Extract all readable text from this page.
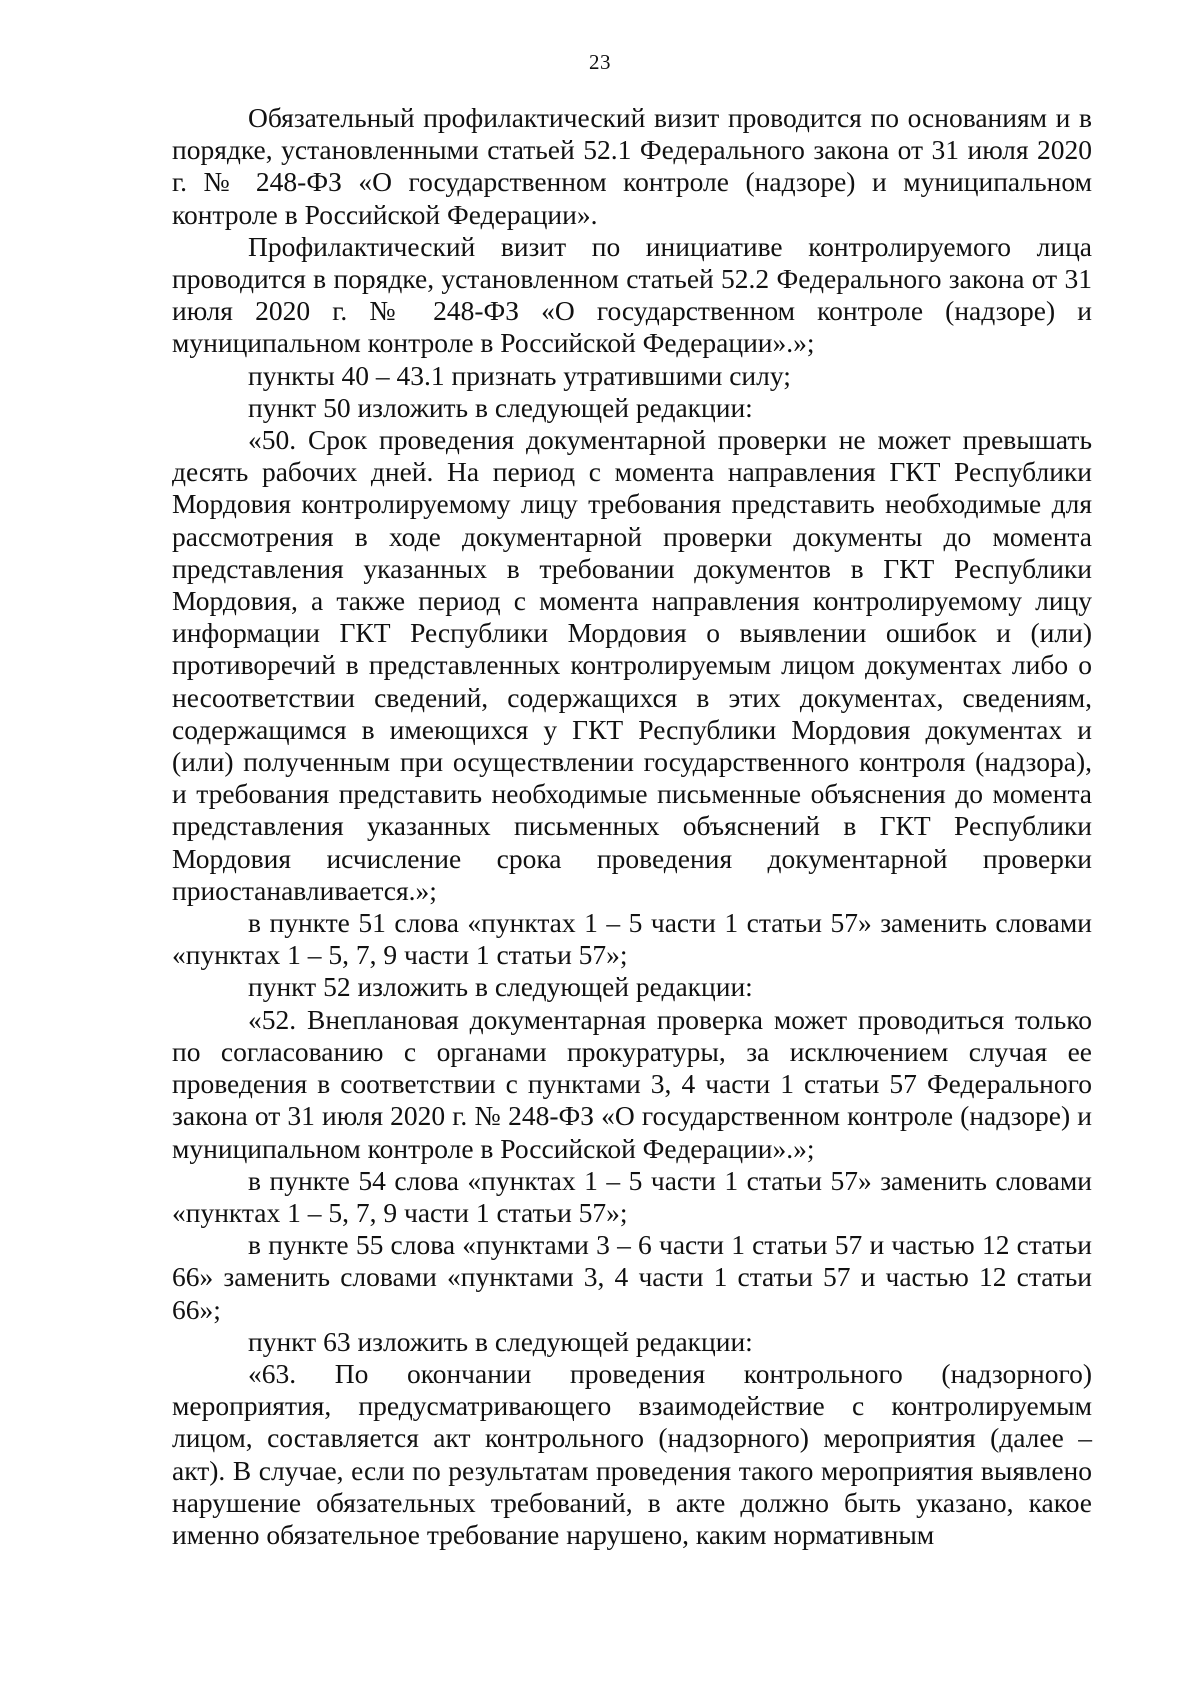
23

Обязательный профилактический визит проводится по основаниям и в порядке, установленными статьей 52.1 Федерального закона от 31 июля 2020 г. № 248-ФЗ «О государственном контроле (надзоре) и муниципальном контроле в Российской Федерации».

Профилактический визит по инициативе контролируемого лица проводится в порядке, установленном статьей 52.2 Федерального закона от 31 июля 2020 г. № 248-ФЗ «О государственном контроле (надзоре) и муниципальном контроле в Российской Федерации».»;

пункты 40 – 43.1 признать утратившими силу;

пункт 50 изложить в следующей редакции:

«50. Срок проведения документарной проверки не может превышать десять рабочих дней. На период с момента направления ГКТ Республики Мордовия контролируемому лицу требования представить необходимые для рассмотрения в ходе документарной проверки документы до момента представления указанных в требовании документов в ГКТ Республики Мордовия, а также период с момента направления контролируемому лицу информации ГКТ Республики Мордовия о выявлении ошибок и (или) противоречий в представленных контролируемым лицом документах либо о несоответствии сведений, содержащихся в этих документах, сведениям, содержащимся в имеющихся у ГКТ Республики Мордовия документах и (или) полученным при осуществлении государственного контроля (надзора), и требования представить необходимые письменные объяснения до момента представления указанных письменных объяснений в ГКТ Республики Мордовия исчисление срока проведения документарной проверки приостанавливается.»;

в пункте 51 слова «пунктах 1 – 5 части 1 статьи 57» заменить словами «пунктах 1 – 5, 7, 9 части 1 статьи 57»;

пункт 52 изложить в следующей редакции:

«52. Внеплановая документарная проверка может проводиться только по согласованию с органами прокуратуры, за исключением случая ее проведения в соответствии с пунктами 3, 4 части 1 статьи 57 Федерального закона от 31 июля 2020 г. № 248-ФЗ «О государственном контроле (надзоре) и муниципальном контроле в Российской Федерации».»;

в пункте 54 слова «пунктах 1 – 5 части 1 статьи 57» заменить словами «пунктах 1 – 5, 7, 9 части 1 статьи 57»;

в пункте 55 слова «пунктами 3 – 6 части 1 статьи 57 и частью 12 статьи 66» заменить словами «пунктами 3, 4 части 1 статьи 57 и частью 12 статьи 66»;

пункт 63 изложить в следующей редакции:

«63. По окончании проведения контрольного (надзорного) мероприятия, предусматривающего взаимодействие с контролируемым лицом, составляется акт контрольного (надзорного) мероприятия (далее – акт). В случае, если по результатам проведения такого мероприятия выявлено нарушение обязательных требований, в акте должно быть указано, какое именно обязательное требование нарушено, каким нормативным
